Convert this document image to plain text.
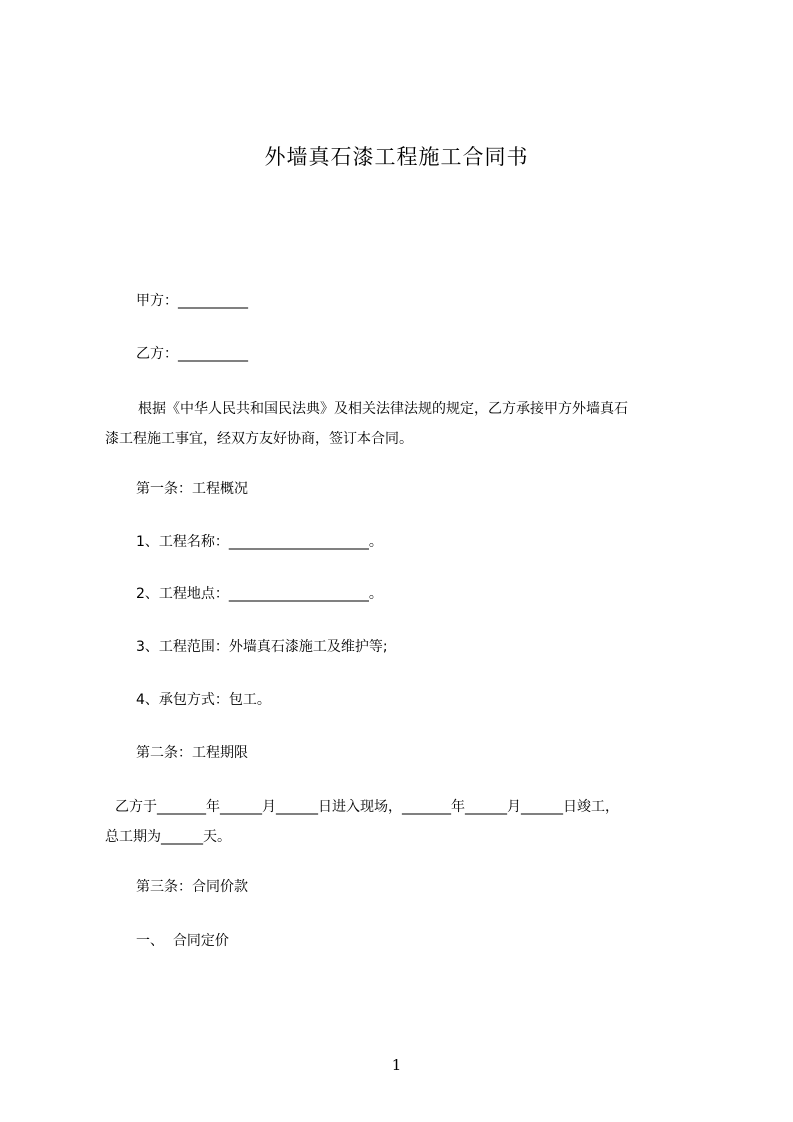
外墙真石漆工程施工合同书
甲方：__________
乙方：__________
根据《中华人民共和国民法典》及相关法律法规的规定，乙方承接甲方外墙真石
漆工程施工事宜，经双方友好协商，签订本合同。
第一条：工程概况
1、工程名称：____________________。
2、工程地点：____________________。
3、工程范围：外墙真石漆施工及维护等;
4、承包方式：包工。
第二条：工程期限
乙方于_______年______月______日进入现场，_______年______月______日竣工，
总工期为______天。
第三条：合同价款
一、  合同定价
1
